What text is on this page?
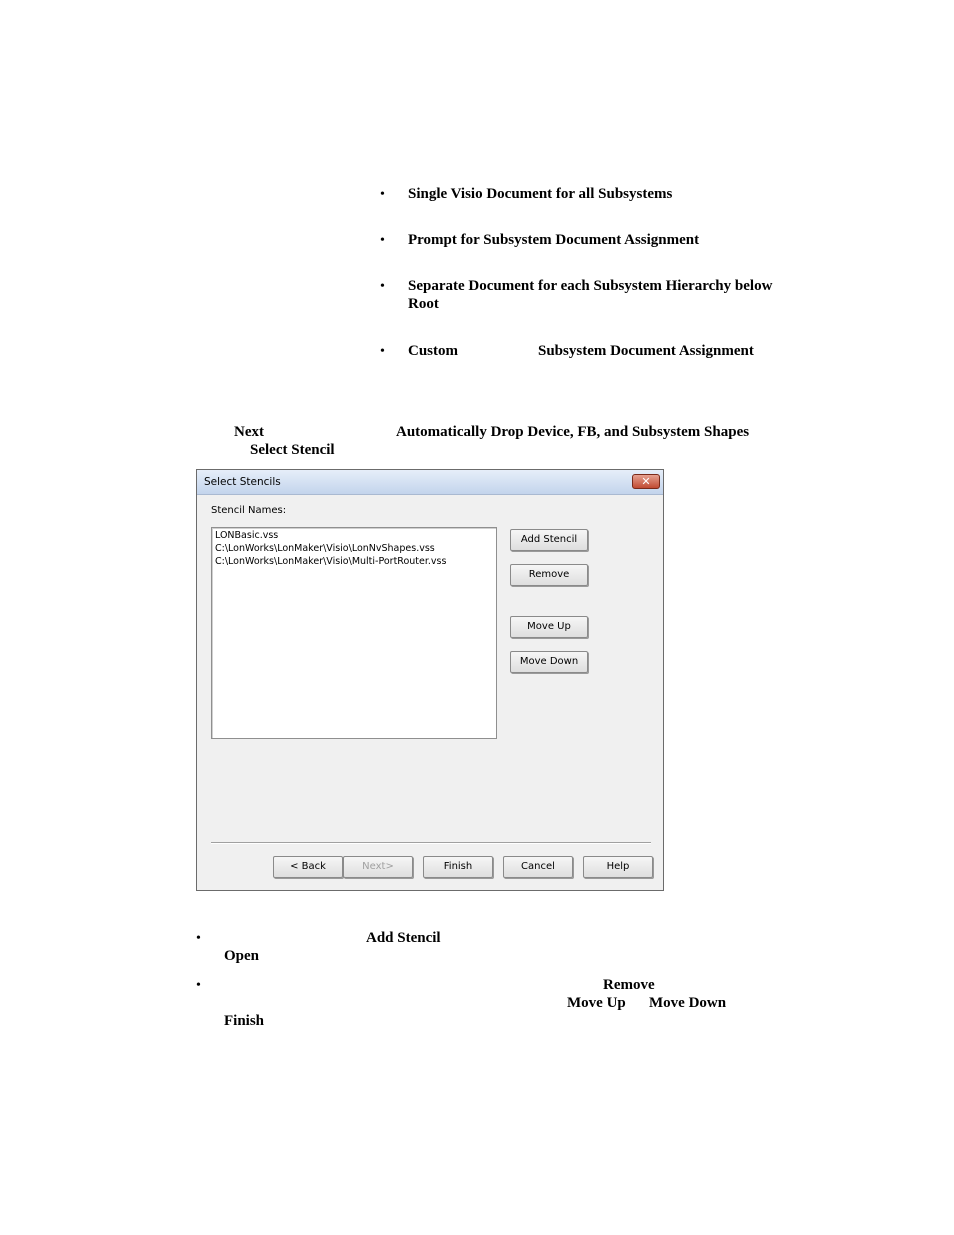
• Single Visio Document for all Subsystems
• Prompt for Subsystem Document Assignment
• Separate Document for each Subsystem Hierarchy below
Root
• Custom	Subsystem Document Assignment
Next	Automatically Drop Device, FB, and Subsystem Shapes
Select Stencil
Select Stencils	✕
Stencil Names:
LONBasic.vss
C:\LonWorks\LonMaker\Visio\LonNvShapes.vss
C:\LonWorks\LonMaker\Visio\Multi-PortRouter.vss
Add Stencil
Remove
Move Up
Move Down
< Back	Next>	Finish	Cancel	Help
•	Add Stencil
Open
•	Remove
Move Up Move Down
Finish
